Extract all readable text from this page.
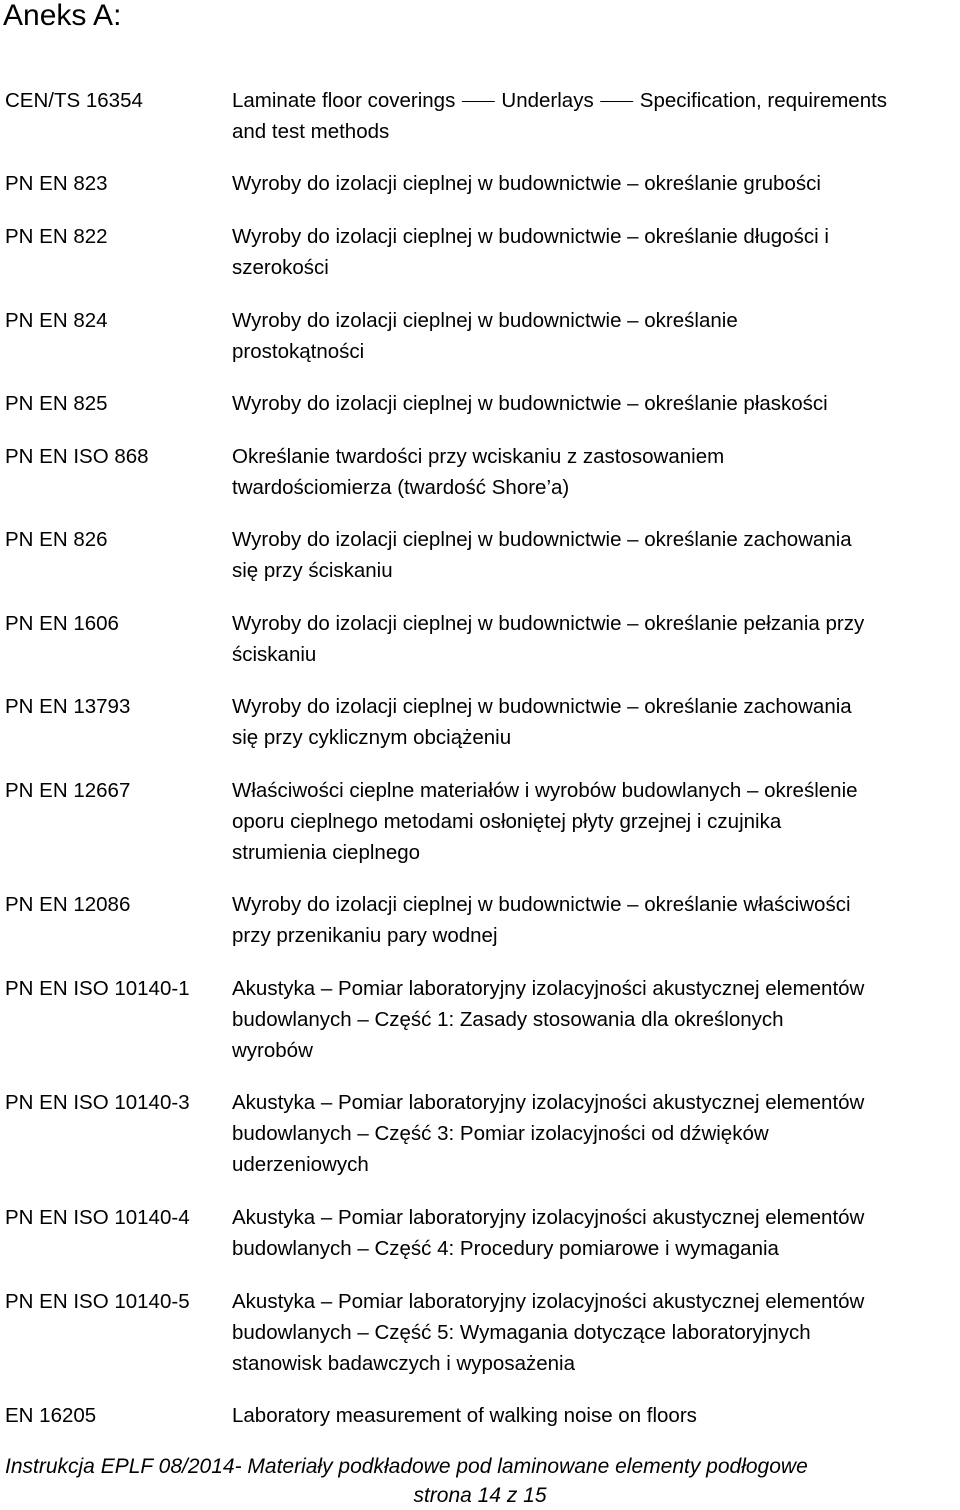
Aneks A:
CEN/TS 16354	Laminate floor coverings ⸺ Underlays ⸺ Specification, requirements
and test methods
PN EN 823	Wyroby do izolacji cieplnej w budownictwie – określanie grubości
PN EN 822	Wyroby do izolacji cieplnej w budownictwie – określanie długości i
szerokości
PN EN 824	Wyroby do izolacji cieplnej w budownictwie – określanie
prostokątności
PN EN 825	Wyroby do izolacji cieplnej w budownictwie – określanie płaskości
PN EN ISO 868	Określanie twardości przy wciskaniu z zastosowaniem
twardościomierza (twardość Shore’a)
PN EN 826	Wyroby do izolacji cieplnej w budownictwie – określanie zachowania
się przy ściskaniu
PN EN 1606	Wyroby do izolacji cieplnej w budownictwie – określanie pełzania przy
ściskaniu
PN EN 13793	Wyroby do izolacji cieplnej w budownictwie – określanie zachowania
się przy cyklicznym obciążeniu
PN EN 12667	Właściwości cieplne materiałów i wyrobów budowlanych – określenie
oporu cieplnego metodami osłoniętej płyty grzejnej i czujnika
strumienia cieplnego
PN EN 12086	Wyroby do izolacji cieplnej w budownictwie – określanie właściwości
przy przenikaniu pary wodnej
PN EN ISO 10140-1 Akustyka – Pomiar laboratoryjny izolacyjności akustycznej elementów
budowlanych – Część 1: Zasady stosowania dla określonych
wyrobów
PN EN ISO 10140-3 Akustyka – Pomiar laboratoryjny izolacyjności akustycznej elementów
budowlanych – Część 3: Pomiar izolacyjności od dźwięków
uderzeniowych
PN EN ISO 10140-4 Akustyka – Pomiar laboratoryjny izolacyjności akustycznej elementów
budowlanych – Część 4: Procedury pomiarowe i wymagania
PN EN ISO 10140-5 Akustyka – Pomiar laboratoryjny izolacyjności akustycznej elementów
budowlanych – Część 5: Wymagania dotyczące laboratoryjnych
stanowisk badawczych i wyposażenia
EN 16205	Laboratory measurement of walking noise on floors
Instrukcja EPLF 08/2014- Materiały podkładowe pod laminowane elementy podłogowe
strona 14 z 15
